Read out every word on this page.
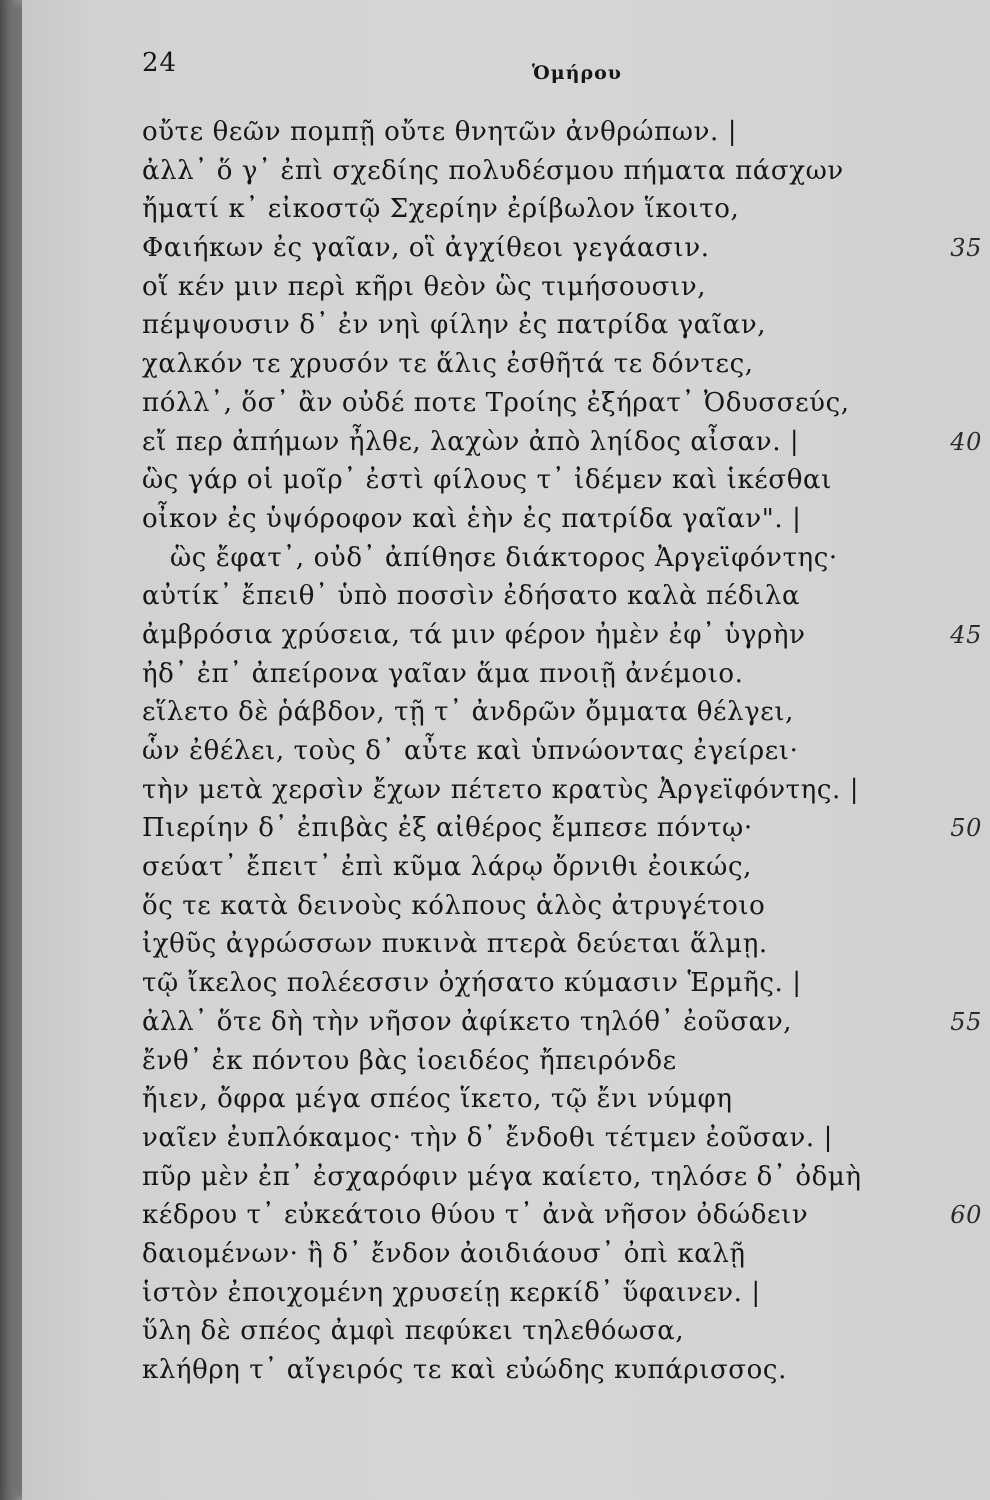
24	Ὁμήρου
οὔτε θεῶν πομπῇ οὔτε θνητῶν ἀνθρώπων. |
ἀλλ᾽ ὅ γ᾽ ἐπὶ σχεδίης πολυδέσμου πήματα πάσχων
ἤματί κ᾽ εἰκοστῷ Σχερίην ἐρίβωλον ἵκοιτο,
Φαιήκων ἐς γαῖαν, οἳ ἀγχίθεοι γεγάασιν.	35
οἵ κέν μιν περὶ κῆρι θεὸν ὣς τιμήσουσιν,
πέμψουσιν δ᾽ ἐν νηὶ φίλην ἐς πατρίδα γαῖαν,
χαλκόν τε χρυσόν τε ἅλις ἐσθῆτά τε δόντες,
πόλλ᾽, ὅσ᾽ ἂν οὐδέ ποτε Τροίης ἐξήρατ᾽ Ὀδυσσεύς,
εἴ περ ἀπήμων ἦλθε, λαχὼν ἀπὸ ληίδος αἶσαν. |	40
ὣς γάρ οἱ μοῖρ᾽ ἐστὶ φίλους τ᾽ ἰδέμεν καὶ ἱκέσθαι
οἶκον ἐς ὑψόροφον καὶ ἑὴν ἐς πατρίδα γαῖαν". |
ὣς ἔφατ᾽, οὐδ᾽ ἀπίθησε διάκτορος Ἀργεϊφόντης·
αὐτίκ᾽ ἔπειθ᾽ ὑπὸ ποσσὶν ἐδήσατο καλὰ πέδιλα
ἀμβρόσια χρύσεια, τά μιν φέρον ἠμὲν ἐφ᾽ ὑγρὴν	45
ἠδ᾽ ἐπ᾽ ἀπείρονα γαῖαν ἅμα πνοιῇ ἀνέμοιο.
εἵλετο δὲ ῥάβδον, τῇ τ᾽ ἀνδρῶν ὄμματα θέλγει,
ὧν ἐθέλει, τοὺς δ᾽ αὖτε καὶ ὑπνώοντας ἐγείρει·
τὴν μετὰ χερσὶν ἔχων πέτετο κρατὺς Ἀργεϊφόντης. |
Πιερίην δ᾽ ἐπιβὰς ἐξ αἰθέρος ἔμπεσε πόντῳ·	50
σεύατ᾽ ἔπειτ᾽ ἐπὶ κῦμα λάρῳ ὄρνιθι ἐοικώς,
ὅς τε κατὰ δεινοὺς κόλπους ἁλὸς ἀτρυγέτοιο
ἰχθῦς ἀγρώσσων πυκινὰ πτερὰ δεύεται ἅλμῃ.
τῷ ἴκελος πολέεσσιν ὀχήσατο κύμασιν Ἑρμῆς. |
ἀλλ᾽ ὅτε δὴ τὴν νῆσον ἀφίκετο τηλόθ᾽ ἐοῦσαν,	55
ἔνθ᾽ ἐκ πόντου βὰς ἰοειδέος ἤπειρόνδε
ἤιεν, ὄφρα μέγα σπέος ἵκετο, τῷ ἔνι νύμφη
ναῖεν ἐυπλόκαμος· τὴν δ᾽ ἔνδοθι τέτμεν ἐοῦσαν. |
πῦρ μὲν ἐπ᾽ ἐσχαρόφιν μέγα καίετο, τηλόσε δ᾽ ὀδμὴ
κέδρου τ᾽ εὐκεάτοιο θύου τ᾽ ἀνὰ νῆσον ὀδώδειν	60
δαιομένων· ἣ δ᾽ ἔνδον ἀοιδιάουσ᾽ ὀπὶ καλῇ
ἱστὸν ἐποιχομένη χρυσείῃ κερκίδ᾽ ὕφαινεν. |
ὕλη δὲ σπέος ἀμφὶ πεφύκει τηλεθόωσα,
κλήθρη τ᾽ αἴγειρός τε καὶ εὐώδης κυπάρισσος.
